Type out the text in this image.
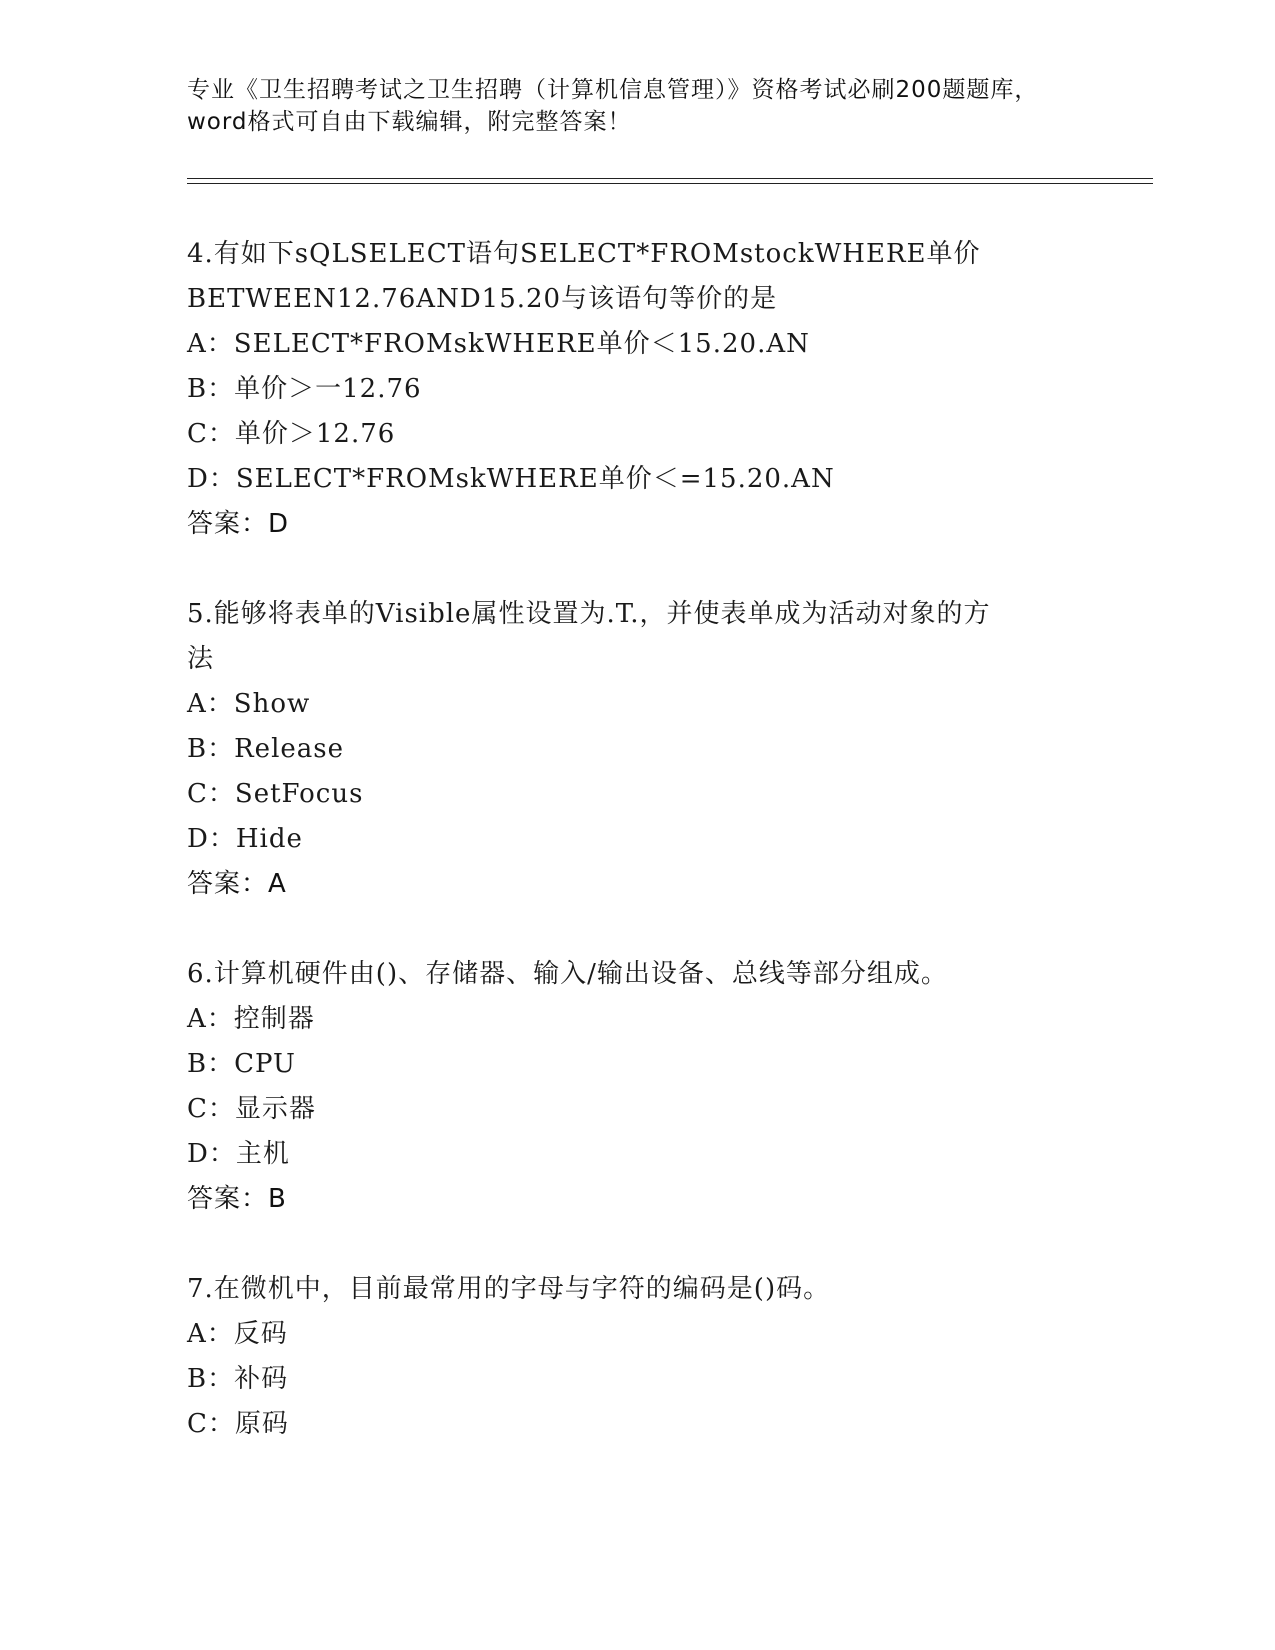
专业《卫生招聘考试之卫生招聘（计算机信息管理）》资格考试必刷200题题库，
word格式可自由下载编辑，附完整答案！
4.有如下sQLSELECT语句SELECT*FROMstockWHERE单价
BETWEEN12.76AND15.20与该语句等价的是
A：SELECT*FROMskWHERE单价＜15.20.AN
B：单价＞一12.76
C：单价＞12.76
D：SELECT*FROMskWHERE单价＜=15.20.AN
答案：D
5.能够将表单的Visible属性设置为.T.，并使表单成为活动对象的方
法
A：Show
B：Release
C：SetFocus
D：Hide
答案：A
6.计算机硬件由()、存储器、输入/输出设备、总线等部分组成。
A：控制器
B：CPU
C：显示器
D：主机
答案：B
7.在微机中，目前最常用的字母与字符的编码是()码。
A：反码
B：补码
C：原码
